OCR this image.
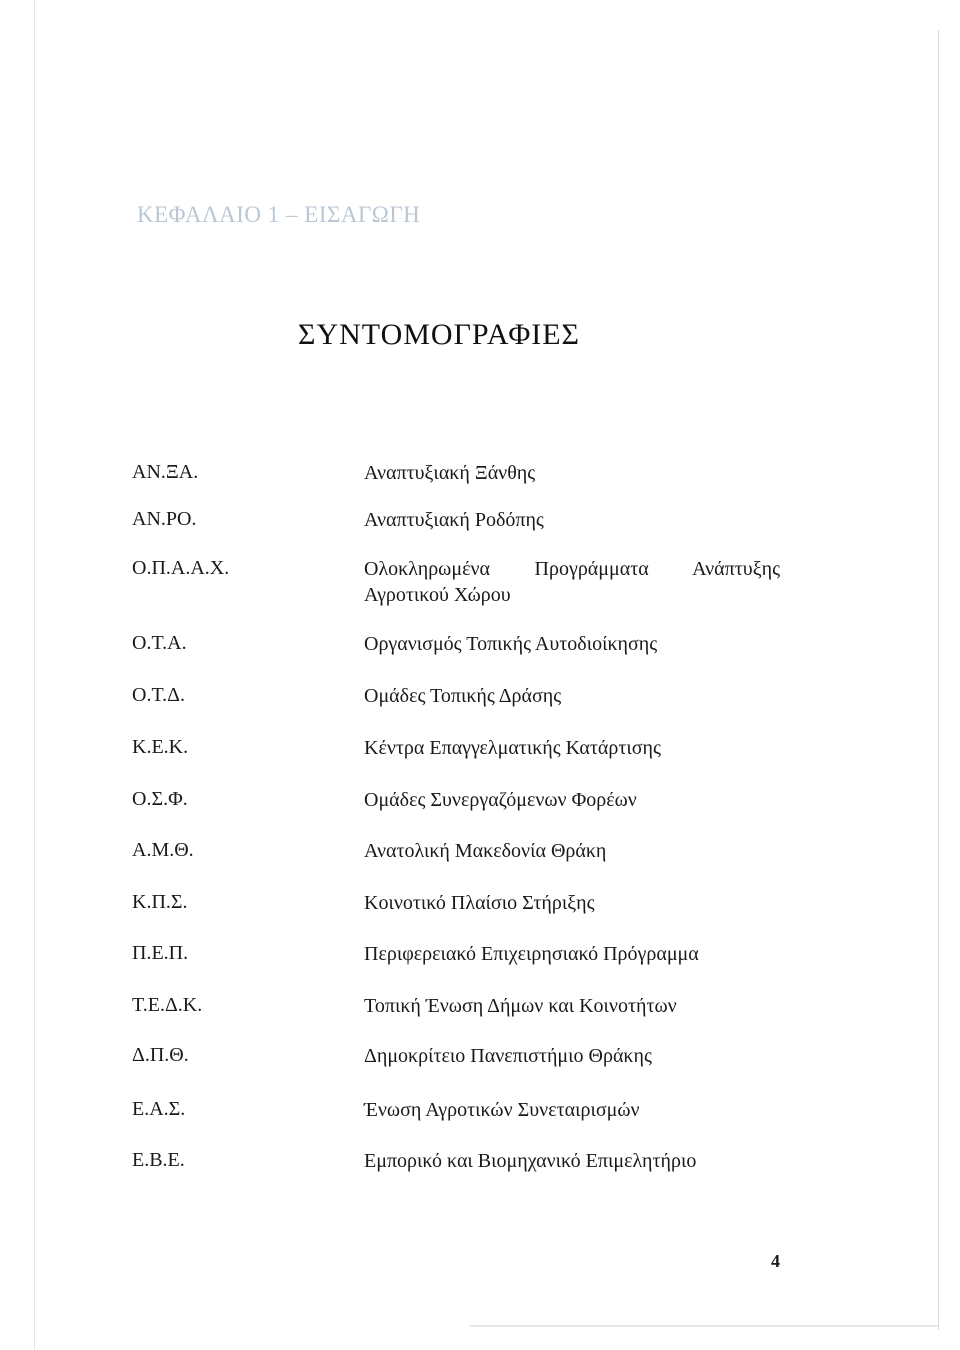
ΚΕΦΑΛΑΙΟ 1 – ΕΙΣΑΓΩΓΗ
ΣΥΝΤΟΜΟΓΡΑΦΙΕΣ
ΑΝ.ΞΑ.	Αναπτυξιακή Ξάνθης
ΑΝ.ΡΟ.	Αναπτυξιακή Ροδόπης
Ο.Π.Α.Α.Χ.	Ολοκληρωμένα Προγράμματα Ανάπτυξης Αγροτικού Χώρου
Ο.Τ.Α.	Οργανισμός Τοπικής Αυτοδιοίκησης
Ο.Τ.Δ.	Ομάδες Τοπικής Δράσης
Κ.Ε.Κ.	Κέντρα Επαγγελματικής Κατάρτισης
Ο.Σ.Φ.	Ομάδες Συνεργαζόμενων Φορέων
Α.Μ.Θ.	Ανατολική Μακεδονία Θράκη
Κ.Π.Σ.	Κοινοτικό Πλαίσιο Στήριξης
Π.Ε.Π.	Περιφερειακό Επιχειρησιακό Πρόγραμμα
Τ.Ε.Δ.Κ.	Τοπική Ένωση Δήμων και Κοινοτήτων
Δ.Π.Θ.	Δημοκρίτειο Πανεπιστήμιο Θράκης
Ε.Α.Σ.	Ένωση Αγροτικών Συνεταιρισμών
Ε.Β.Ε.	Εμπορικό και Βιομηχανικό Επιμελητήριο
4
